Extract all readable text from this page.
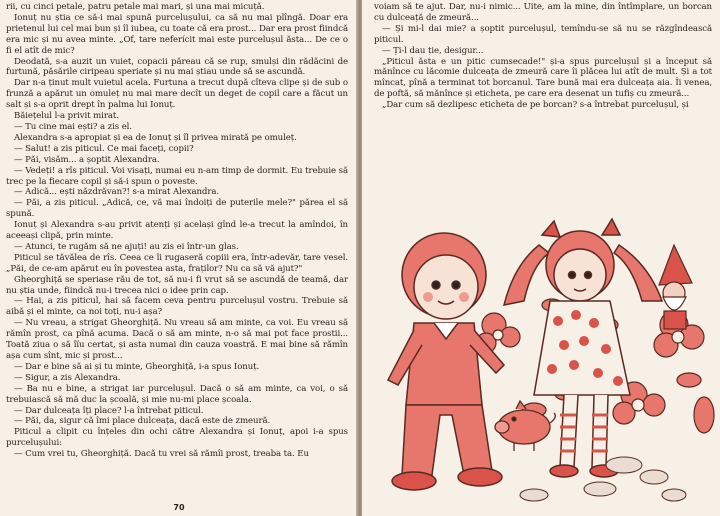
rii, cu cinci petale, patru petale mai mari, și una mai micuță.

Ionuț nu știa ce să-i mai spună purcelușului, ca să nu mai plîngă. Doar era prietenul lui cel mai bun și îl iubea, cu toate că era prost... Dar era prost fiindcă era mic și nu avea minte. „Of, tare neferícit mai este purcelușul ăsta... De ce o fi el atît de mic?

Deodată, s-a auzit un vuiet, copacii păreau că se rup, smulși din rădăcini de furtună, păsările ciripeau speriate și nu mai știau unde să se ascundă.

Dar n-a ținut mult vuietul acela. Furtuna a trecut după cîteva clipe și de sub o frunză a apărut un omuleț nu mai mare decît un deget de copil care a făcut un salt și s-a oprit drept în palma lui Ionuț.

Băiețelul l-a privit mirat.

— Tu cine mai ești? a zis el.

Alexandra s-a apropiat și ea de Ionuț și îl privea mirată pe omuleț.

— Salut! a zis piticul. Ce mai faceți, copii?

— Păi, visăm... a șoptit Alexandra.

— Vedeți! a rîs piticul. Voi visați, numai eu n-am timp de dormit. Eu trebuie să trec pe la fiecare copil și să-i spun o poveste.

— Adică... ești năzdrăvan?! s-a mirat Alexandra.

— Păi, a zis piticul. „Adică, ce, vă mai îndoiți de puterile mele?" părea el să spună.

Ionuț și Alexandra s-au privit atenți și același gînd le-a trecut la amîndoi, în aceeași clipă, prin minte.

— Atunci, te rugăm să ne ajuți! au zis ei într-un glas.

Piticul se tăvălea de rîs. Ceea ce îi rugaseră copiii era, într-adevăr, tare vesel. „Păi, de ce-am apărut eu în povestea asta, fraților? Nu ca să vă ajut?"

Gheorghiță se speriase rău de tot, să nu-i fi vrut să se ascundă de teamă, dar nu știa unde, fiindcă nu-i trecea nici o idee prin cap.

— Hai, a zis piticul, hai să facem ceva pentru purcelușul vostru. Trebuie să aibă și el minte, ca noi toți, nu-i așa?

— Nu vreau, a strigat Gheorghiță. Nu vreau să am minte, ca voi. Eu vreau să rămîn prost, ca pînă acuma. Dacă o să am minte, n-o să mai pot face prostii... Toată ziua o să îïu certat, și asta numai din cauza voastră. E mai bine să rămîn așa cum sînt, mic și prost...

— Dar e bine să ai și tu minte, Gheorghiță, i-a spus Ionuț.

— Sigur, a zis Alexandra.

— Ba nu e bine, a strigat iar purcelușul. Dacă o să am minte, ca voi, o să trebuiască să mă duc la școală, și mie nu-mi place școala.

— Dar dulceața îți place? l-a întrebat piticul.

— Păi, da, sigur că îmi place dulceața, dacă este de zmeură.

Piticul a clipit cu înțeles din ochi către Alexandra și Ionuț, apoi i-a spus purcelușului:

— Cum vrei tu, Gheorghiță. Dacă tu vrei să rămîi prost, treaba ta. Eu

70

voiam să te ajut. Dar, nu-i nimic... Uite, am la mine, din întîmplare, un borcan cu dulceață de zmeură...

— Și mi-l dai mie? a șoptit purcelușul, temîndu-se să nu se răzgîndească piticul.

— Ți-l dau ție, desigur...

„Piticul ăsta e un pitic cumsecade!" și-a spus purcelușul și a început să mănînce cu lăcomie dulceața de zmeură care îi plăcea lui atît de mult. Și a tot mîncat, pînă a terminat tot borcanul. Tare bună mai era dulceața aia. Îi venea, de poftă, să mănînce și eticheta, pe care era desenat un tufiș cu zmeură...

„Dar cum să dezlipesc eticheta de pe borcan? s-a întrebat purcelușul, și
